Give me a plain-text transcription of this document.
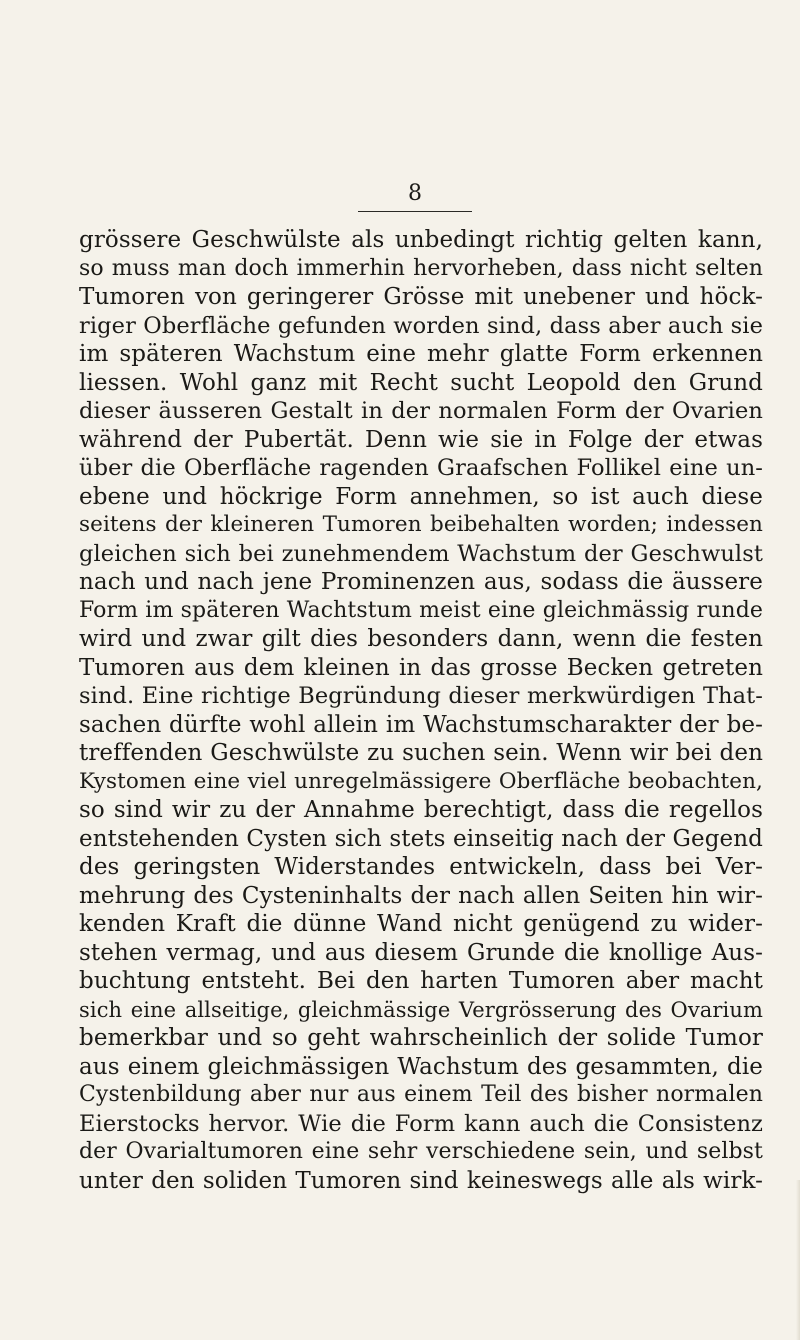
8
grössere Geschwülste als unbedingt richtig gelten kann,
so muss man doch immerhin hervorheben, dass nicht selten
Tumoren von geringerer Grösse mit unebener und höck-
riger Oberfläche gefunden worden sind, dass aber auch sie
im späteren Wachstum eine mehr glatte Form erkennen
liessen. Wohl ganz mit Recht sucht Leopold den Grund
dieser äusseren Gestalt in der normalen Form der Ovarien
während der Pubertät. Denn wie sie in Folge der etwas
über die Oberfläche ragenden Graafschen Follikel eine un-
ebene und höckrige Form annehmen, so ist auch diese
seitens der kleineren Tumoren beibehalten worden; indessen
gleichen sich bei zunehmendem Wachstum der Geschwulst
nach und nach jene Prominenzen aus, sodass die äussere
Form im späteren Wachtstum meist eine gleichmässig runde
wird und zwar gilt dies besonders dann, wenn die festen
Tumoren aus dem kleinen in das grosse Becken getreten
sind. Eine richtige Begründung dieser merkwürdigen That-
sachen dürfte wohl allein im Wachstumscharakter der be-
treffenden Geschwülste zu suchen sein. Wenn wir bei den
Kystomen eine viel unregelmässigere Oberfläche beobachten,
so sind wir zu der Annahme berechtigt, dass die regellos
entstehenden Cysten sich stets einseitig nach der Gegend
des geringsten Widerstandes entwickeln, dass bei Ver-
mehrung des Cysteninhalts der nach allen Seiten hin wir-
kenden Kraft die dünne Wand nicht genügend zu wider-
stehen vermag, und aus diesem Grunde die knollige Aus-
buchtung entsteht. Bei den harten Tumoren aber macht
sich eine allseitige, gleichmässige Vergrösserung des Ovarium
bemerkbar und so geht wahrscheinlich der solide Tumor
aus einem gleichmässigen Wachstum des gesammten, die
Cystenbildung aber nur aus einem Teil des bisher normalen
Eierstocks hervor. Wie die Form kann auch die Consistenz
der Ovarialtumoren eine sehr verschiedene sein, und selbst
unter den soliden Tumoren sind keineswegs alle als wirk-
